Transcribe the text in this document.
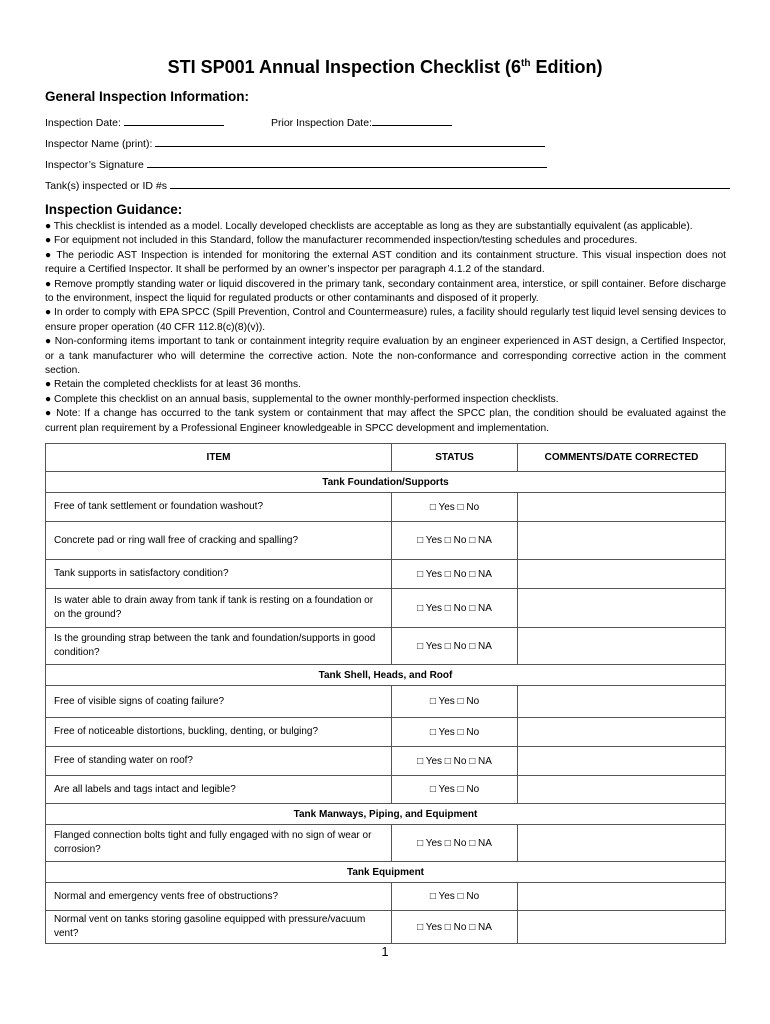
STI SP001 Annual Inspection Checklist (6th Edition)
General Inspection Information:
Inspection Date:	Prior Inspection Date:
Inspector Name (print):
Inspector’s Signature
Tank(s) inspected or ID #s
Inspection Guidance:

● This checklist is intended as a model. Locally developed checklists are acceptable as long as they are substantially equivalent (as applicable).

● For equipment not included in this Standard, follow the manufacturer recommended inspection/testing schedules and procedures.

● The periodic AST Inspection is intended for monitoring the external AST condition and its containment structure. This visual inspection does not require a Certified Inspector. It shall be performed by an owner’s inspector per paragraph 4.1.2 of the standard.

● Remove promptly standing water or liquid discovered in the primary tank, secondary containment area, interstice, or spill container. Before discharge to the environment, inspect the liquid for regulated products or other contaminants and disposed of it properly.

● In order to comply with EPA SPCC (Spill Prevention, Control and Countermeasure) rules, a facility should regularly test liquid level sensing devices to ensure proper operation (40 CFR 112.8(c)(8)(v)).

● Non-conforming items important to tank or containment integrity require evaluation by an engineer experienced in AST design, a Certified Inspector, or a tank manufacturer who will determine the corrective action. Note the non-conformance and corresponding corrective action in the comment section.

● Retain the completed checklists for at least 36 months.

● Complete this checklist on an annual basis, supplemental to the owner monthly-performed inspection checklists.

● Note: If a change has occurred to the tank system or containment that may affect the SPCC plan, the condition should be evaluated against the current plan requirement by a Professional Engineer knowledgeable in SPCC development and implementation.

ITEM	STATUS	COMMENTS/DATE CORRECTED
Tank Foundation/Supports		
Free of tank settlement or foundation washout?	□ Yes □ No	
Concrete pad or ring wall free of cracking and spalling?	□ Yes □ No □ NA	
Tank supports in satisfactory condition?	□ Yes □ No □ NA	
Is water able to drain away from tank if tank is resting on a foundation or on the ground?	□ Yes □ No □ NA	
Is the grounding strap between the tank and foundation/supports in good condition?	□ Yes □ No □ NA	
Tank Shell, Heads, and Roof		
Free of visible signs of coating failure?	□ Yes □ No	
Free of noticeable distortions, buckling, denting, or bulging?	□ Yes □ No	
Free of standing water on roof?	□ Yes □ No □ NA	
Are all labels and tags intact and legible?	□ Yes □ No	
Tank Manways, Piping, and Equipment		
Flanged connection bolts tight and fully engaged with no sign of wear or corrosion?	□ Yes □ No □ NA	
Tank Equipment		
Normal and emergency vents free of obstructions?	□ Yes □ No	
Normal vent on tanks storing gasoline equipped with pressure/vacuum vent?	□ Yes □ No □ NA	
1
